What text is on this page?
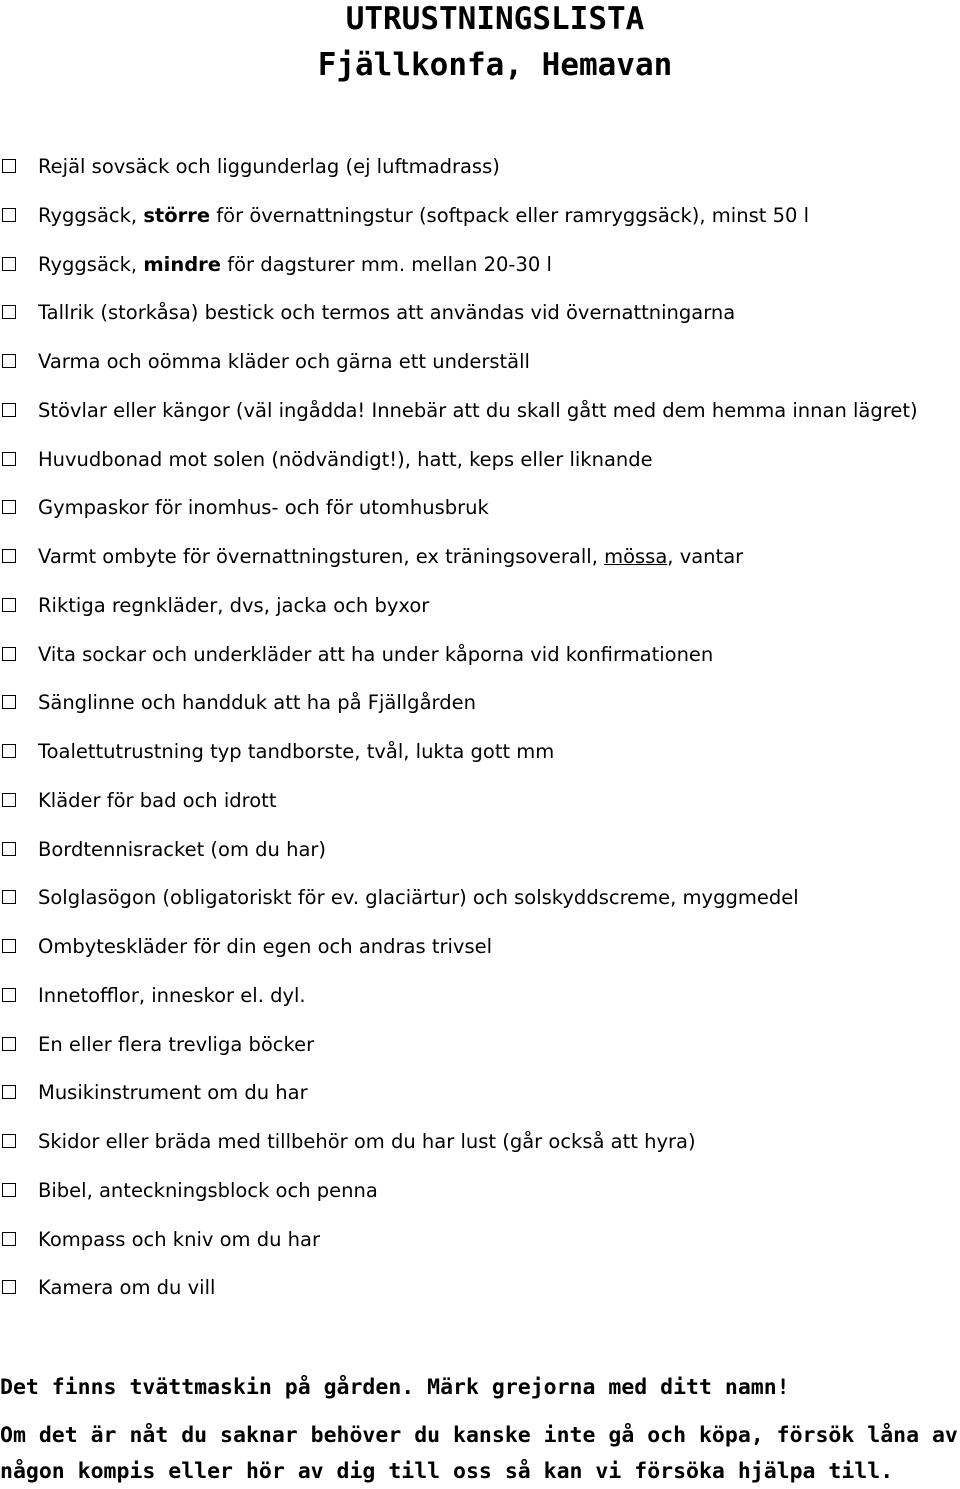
UTRUSTNINGSLISTA
Fjällkonfa, Hemavan
Rejäl sovsäck och liggunderlag (ej luftmadrass)
Ryggsäck, större för övernattningstur (softpack eller ramryggsäck), minst 50 l
Ryggsäck, mindre för dagsturer mm. mellan 20-30 l
Tallrik (storkåsa) bestick och termos att användas vid övernattningarna
Varma och oömma kläder och gärna ett underställ
Stövlar eller kängor (väl ingådda! Innebär att du skall gått med dem hemma innan lägret)
Huvudbonad mot solen (nödvändigt!), hatt, keps eller liknande
Gympaskor för inomhus- och för utomhusbruk
Varmt ombyte för övernattningsturen, ex träningsoverall, mössa, vantar
Riktiga regnkläder, dvs, jacka och byxor
Vita sockar och underkläder att ha under kåporna vid konfirmationen
Sänglinne och handduk att ha på Fjällgården
Toalettutrustning typ tandborste, tvål, lukta gott mm
Kläder för bad och idrott
Bordtennisracket (om du har)
Solglasögon (obligatoriskt för ev. glaciärtur) och solskyddscreme, myggmedel
Ombyteskläder för din egen och andras trivsel
Innetofflor, inneskor el. dyl.
En eller flera trevliga böcker
Musikinstrument om du har
Skidor eller bräda med tillbehör om du har lust (går också att hyra)
Bibel, anteckningsblock och penna
Kompass och kniv om du har
Kamera om du vill

Det finns tvättmaskin på gården. Märk grejorna med ditt namn!

Om det är nåt du saknar behöver du kanske inte gå och köpa, försök låna av

någon kompis eller hör av dig till oss så kan vi försöka hjälpa till.
